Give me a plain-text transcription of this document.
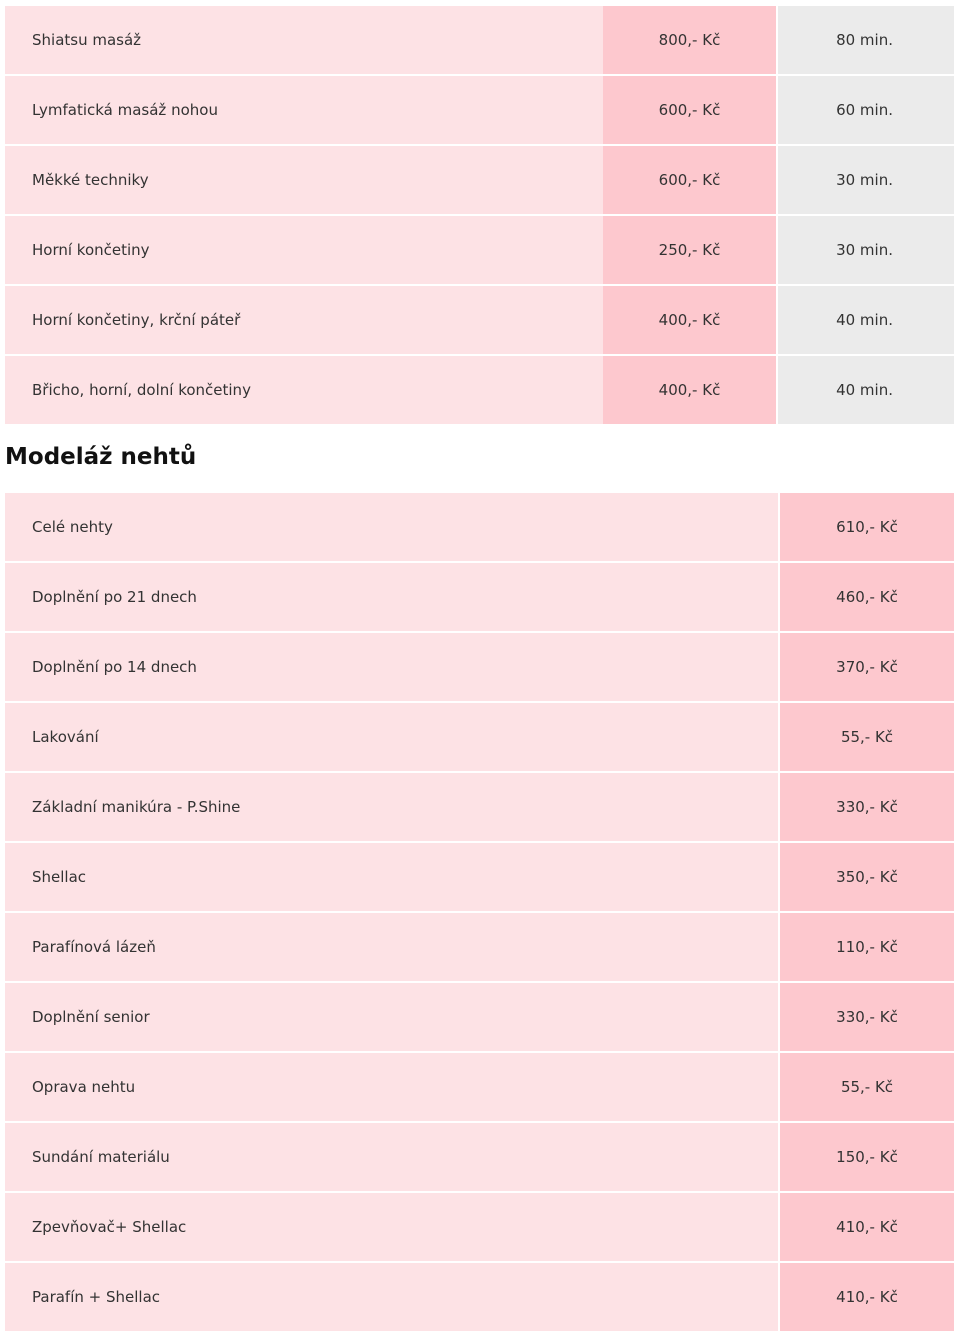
Shiatsu masáž	800,- Kč	80 min.
Lymfatická masáž nohou	600,- Kč	60 min.
Měkké techniky	600,- Kč	30 min.
Horní končetiny	250,- Kč	30 min.
Horní končetiny, krční páteř	400,- Kč	40 min.
Břicho, horní, dolní končetiny	400,- Kč	40 min.
Modeláž nehtů
Celé nehty	610,- Kč
Doplnění po 21 dnech	460,- Kč
Doplnění po 14 dnech	370,- Kč
Lakování	55,- Kč
Základní manikúra - P.Shine	330,- Kč
Shellac	350,- Kč
Parafínová lázeň	110,- Kč
Doplnění senior	330,- Kč
Oprava nehtu	55,- Kč
Sundání materiálu	150,- Kč
Zpevňovač+ Shellac	410,- Kč
Parafín + Shellac	410,- Kč
